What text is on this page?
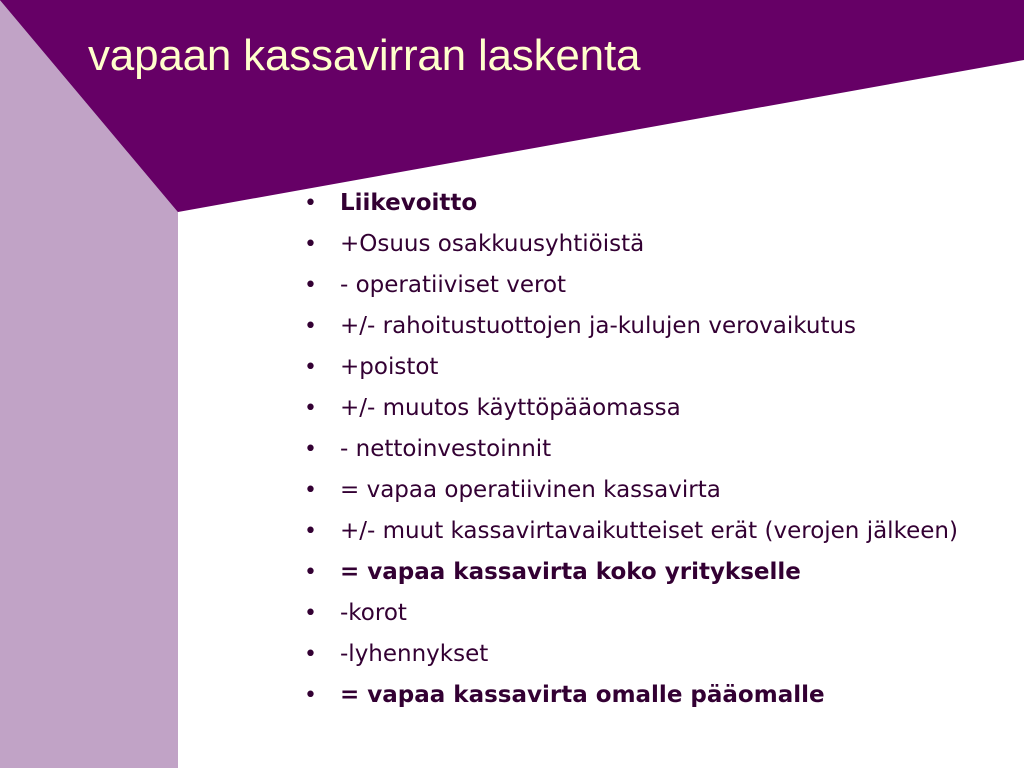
vapaan kassavirran laskenta
•	Liikevoitto
•	+Osuus osakkuusyhtiöistä
•	- operatiiviset verot
•	+/- rahoitustuottojen ja-kulujen verovaikutus
•	+poistot
•	+/- muutos käyttöpääomassa
•	- nettoinvestoinnit
•	= vapaa operatiivinen kassavirta
•	+/- muut kassavirtavaikutteiset erät (verojen jälkeen)
•	= vapaa kassavirta koko yritykselle
•	-korot
•	-lyhennykset
•	= vapaa kassavirta omalle pääomalle
